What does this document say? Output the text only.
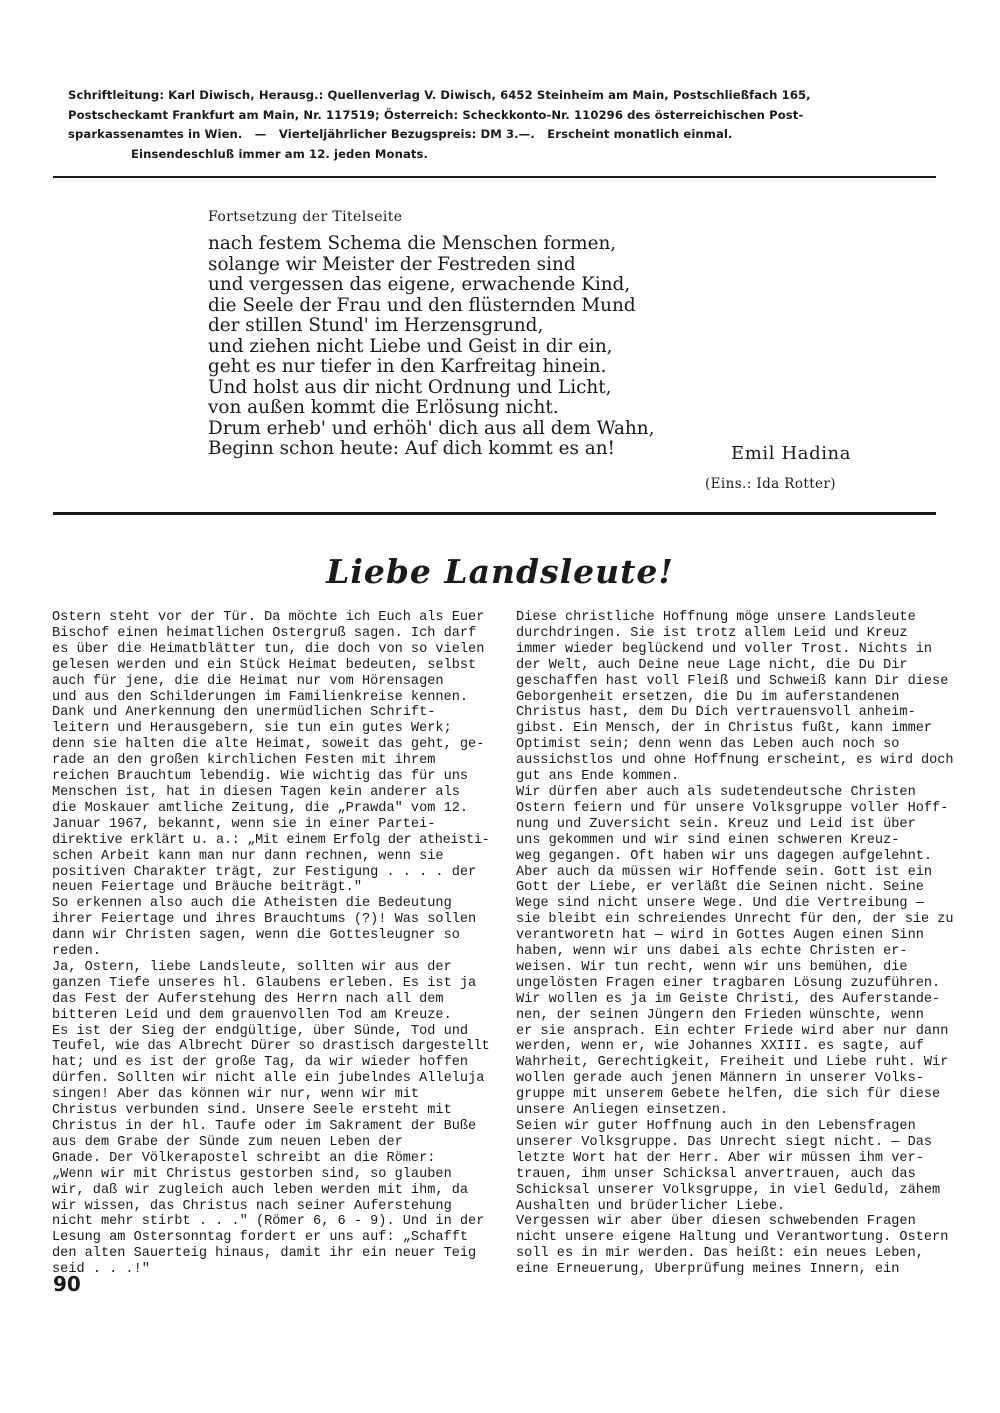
Schriftleitung: Karl Diwisch, Herausg.: Quellenverlag V. Diwisch, 6452 Steinheim am Main, Postschließfach 165,
Postscheckamt Frankfurt am Main, Nr. 117519; Österreich: Scheckkonto-Nr. 110296 des österreichischen Post-
sparkassenamtes in Wien.   —   Vierteljährlicher Bezugspreis: DM 3.—.   Erscheint monatlich einmal.
Einsendeschluß immer am 12. jeden Monats.
Fortsetzung der Titelseite
nach festem Schema die Menschen formen,
solange wir Meister der Festreden sind
und vergessen das eigene, erwachende Kind,
die Seele der Frau und den flüsternden Mund
der stillen Stund' im Herzensgrund,
und ziehen nicht Liebe und Geist in dir ein,
geht es nur tiefer in den Karfreitag hinein.
Und holst aus dir nicht Ordnung und Licht,
von außen kommt die Erlösung nicht.
Drum erheb' und erhöh' dich aus all dem Wahn,
Beginn schon heute: Auf dich kommt es an!	Emil Hadina
(Eins.: Ida Rotter)
Liebe Landsleute!
Ostern steht vor der Tür. Da möchte ich Euch als Euer
Bischof einen heimatlichen Ostergruß sagen. Ich darf
es über die Heimatblätter tun, die doch von so vielen
gelesen werden und ein Stück Heimat bedeuten, selbst
auch für jene, die die Heimat nur vom Hörensagen
und aus den Schilderungen im Familienkreise kennen.
Dank und Anerkennung den unermüdlichen Schrift-
leitern und Herausgebern, sie tun ein gutes Werk;
denn sie halten die alte Heimat, soweit das geht, ge-
rade an den großen kirchlichen Festen mit ihrem
reichen Brauchtum lebendig. Wie wichtig das für uns
Menschen ist, hat in diesen Tagen kein anderer als
die Moskauer amtliche Zeitung, die „Prawda" vom 12.
Januar 1967, bekannt, wenn sie in einer Partei-
direktive erklärt u. a.: „Mit einem Erfolg der atheisti-
schen Arbeit kann man nur dann rechnen, wenn sie
positiven Charakter trägt, zur Festigung . . . . der
neuen Feiertage und Bräuche beiträgt."
So erkennen also auch die Atheisten die Bedeutung
ihrer Feiertage und ihres Brauchtums (?)! Was sollen
dann wir Christen sagen, wenn die Gottesleugner so
reden.
Ja, Ostern, liebe Landsleute, sollten wir aus der
ganzen Tiefe unseres hl. Glaubens erleben. Es ist ja
das Fest der Auferstehung des Herrn nach all dem
bitteren Leid und dem grauenvollen Tod am Kreuze.
Es ist der Sieg der endgültige, über Sünde, Tod und
Teufel, wie das Albrecht Dürer so drastisch dargestellt
hat; und es ist der große Tag, da wir wieder hoffen
dürfen. Sollten wir nicht alle ein jubelndes Alleluja
singen! Aber das können wir nur, wenn wir mit
Christus verbunden sind. Unsere Seele ersteht mit
Christus in der hl. Taufe oder im Sakrament der Buße
aus dem Grabe der Sünde zum neuen Leben der
Gnade. Der Völkerapostel schreibt an die Römer:
„Wenn wir mit Christus gestorben sind, so glauben
wir, daß wir zugleich auch leben werden mit ihm, da
wir wissen, das Christus nach seiner Auferstehung
nicht mehr stirbt . . ." (Römer 6, 6 - 9). Und in der
Lesung am Ostersonntag fordert er uns auf: „Schafft
den alten Sauerteig hinaus, damit ihr ein neuer Teig
seid . . .!"
Diese christliche Hoffnung möge unsere Landsleute
durchdringen. Sie ist trotz allem Leid und Kreuz
immer wieder beglückend und voller Trost. Nichts in
der Welt, auch Deine neue Lage nicht, die Du Dir
geschaffen hast voll Fleiß und Schweiß kann Dir diese
Geborgenheit ersetzen, die Du im auferstandenen
Christus hast, dem Du Dich vertrauensvoll anheim-
gibst. Ein Mensch, der in Christus fußt, kann immer
Optimist sein; denn wenn das Leben auch noch so
aussichstlos und ohne Hoffnung erscheint, es wird doch
gut ans Ende kommen.
Wir dürfen aber auch als sudetendeutsche Christen
Ostern feiern und für unsere Volksgruppe voller Hoff-
nung und Zuversicht sein. Kreuz und Leid ist über
uns gekommen und wir sind einen schweren Kreuz-
weg gegangen. Oft haben wir uns dagegen aufgelehnt.
Aber auch da müssen wir Hoffende sein. Gott ist ein
Gott der Liebe, er verläßt die Seinen nicht. Seine
Wege sind nicht unsere Wege. Und die Vertreibung —
sie bleibt ein schreiendes Unrecht für den, der sie zu
verantworetn hat — wird in Gottes Augen einen Sinn
haben, wenn wir uns dabei als echte Christen er-
weisen. Wir tun recht, wenn wir uns bemühen, die
ungelösten Fragen einer tragbaren Lösung zuzuführen.
Wir wollen es ja im Geiste Christi, des Auferstande-
nen, der seinen Jüngern den Frieden wünschte, wenn
er sie ansprach. Ein echter Friede wird aber nur dann
werden, wenn er, wie Johannes XXIII. es sagte, auf
Wahrheit, Gerechtigkeit, Freiheit und Liebe ruht. Wir
wollen gerade auch jenen Männern in unserer Volks-
gruppe mit unserem Gebete helfen, die sich für diese
unsere Anliegen einsetzen.
Seien wir guter Hoffnung auch in den Lebensfragen
unserer Volksgruppe. Das Unrecht siegt nicht. — Das
letzte Wort hat der Herr. Aber wir müssen ihm ver-
trauen, ihm unser Schicksal anvertrauen, auch das
Schicksal unserer Volksgruppe, in viel Geduld, zähem
Aushalten und brüderlicher Liebe.
Vergessen wir aber über diesen schwebenden Fragen
nicht unsere eigene Haltung und Verantwortung. Ostern
soll es in mir werden. Das heißt: ein neues Leben,
eine Erneuerung, Überprüfung meines Innern, ein
90
